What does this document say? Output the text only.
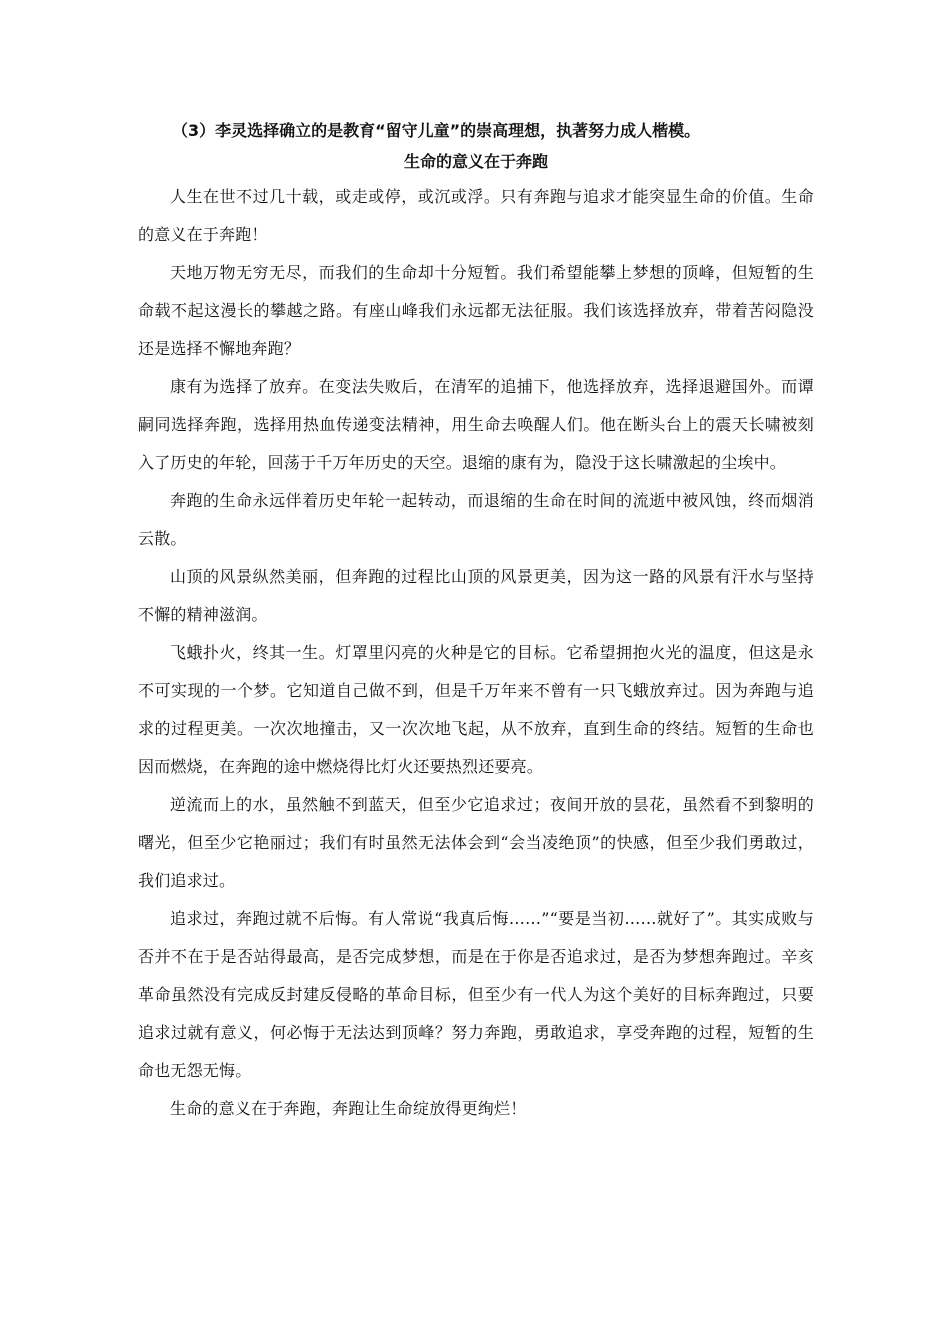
（3）李灵选择确立的是教育“留守儿童”的崇高理想，执著努力成人楷模。

生命的意义在于奔跑

人生在世不过几十载，或走或停，或沉或浮。只有奔跑与追求才能突显生命的价值。生命的意义在于奔跑！

天地万物无穷无尽，而我们的生命却十分短暂。我们希望能攀上梦想的顶峰，但短暂的生命载不起这漫长的攀越之路。有座山峰我们永远都无法征服。我们该选择放弃，带着苦闷隐没还是选择不懈地奔跑？

康有为选择了放弃。在变法失败后，在清军的追捕下，他选择放弃，选择退避国外。而谭嗣同选择奔跑，选择用热血传递变法精神，用生命去唤醒人们。他在断头台上的震天长啸被刻入了历史的年轮，回荡于千万年历史的天空。退缩的康有为，隐没于这长啸激起的尘埃中。

奔跑的生命永远伴着历史年轮一起转动，而退缩的生命在时间的流逝中被风蚀，终而烟消云散。

山顶的风景纵然美丽，但奔跑的过程比山顶的风景更美，因为这一路的风景有汗水与坚持不懈的精神滋润。

飞蛾扑火，终其一生。灯罩里闪亮的火种是它的目标。它希望拥抱火光的温度，但这是永不可实现的一个梦。它知道自己做不到，但是千万年来不曾有一只飞蛾放弃过。因为奔跑与追求的过程更美。一次次地撞击，又一次次地飞起，从不放弃，直到生命的终结。短暂的生命也因而燃烧，在奔跑的途中燃烧得比灯火还要热烈还要亮。

逆流而上的水，虽然触不到蓝天，但至少它追求过；夜间开放的昙花，虽然看不到黎明的曙光，但至少它艳丽过；我们有时虽然无法体会到“会当凌绝顶”的快感，但至少我们勇敢过，我们追求过。

追求过，奔跑过就不后悔。有人常说“我真后悔……”“要是当初……就好了”。其实成败与否并不在于是否站得最高，是否完成梦想，而是在于你是否追求过，是否为梦想奔跑过。辛亥革命虽然没有完成反封建反侵略的革命目标，但至少有一代人为这个美好的目标奔跑过，只要追求过就有意义，何必悔于无法达到顶峰？努力奔跑，勇敢追求，享受奔跑的过程，短暂的生命也无怨无悔。

生命的意义在于奔跑，奔跑让生命绽放得更绚烂！
